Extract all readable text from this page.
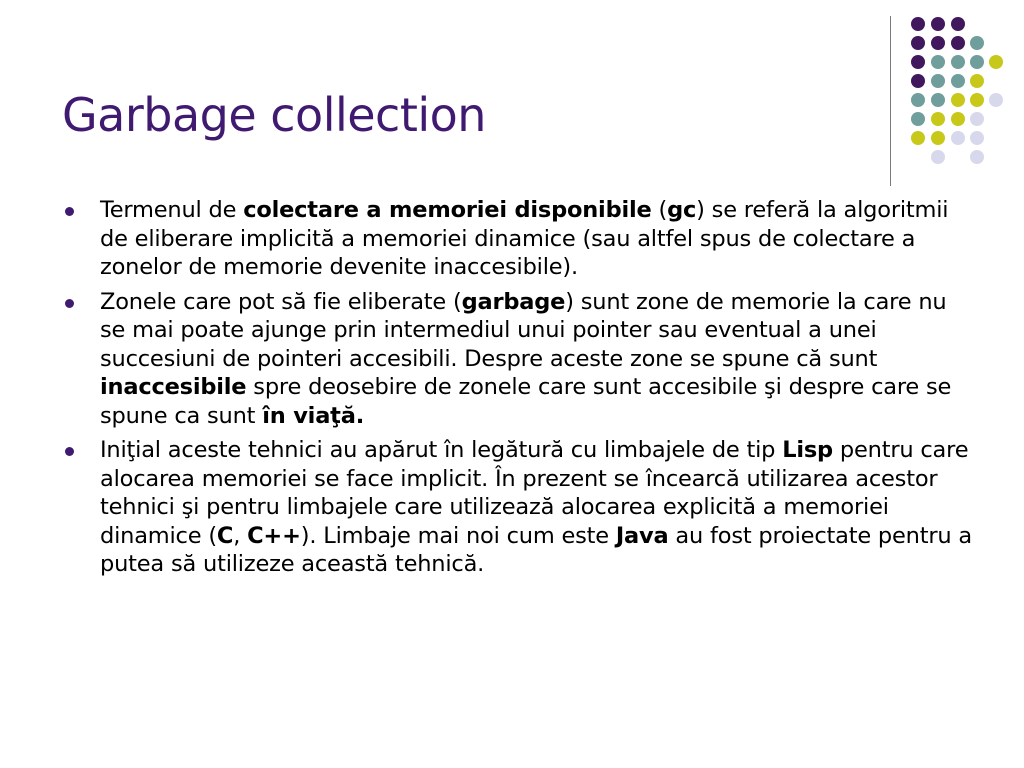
Garbage collection
Termenul de colectare a memoriei disponibile (gc) se referă la algoritmii de eliberare implicită a memoriei dinamice (sau altfel spus de colectare a zonelor de memorie devenite inaccesibile).
Zonele care pot să fie eliberate (garbage) sunt zone de memorie la care nu se mai poate ajunge prin intermediul unui pointer sau eventual a unei succesiuni de pointeri accesibili. Despre aceste zone se spune că sunt inaccesibile spre deosebire de zonele care sunt accesibile şi despre care se spune ca sunt în viaţă.
Iniţial aceste tehnici au apărut în legătură cu limbajele de tip Lisp pentru care alocarea memoriei se face implicit. În prezent se încearcă utilizarea acestor tehnici şi pentru limbajele care utilizează alocarea explicită a memoriei dinamice (C, C++). Limbaje mai noi cum este Java au fost proiectate pentru a putea să utilizeze această tehnică.
